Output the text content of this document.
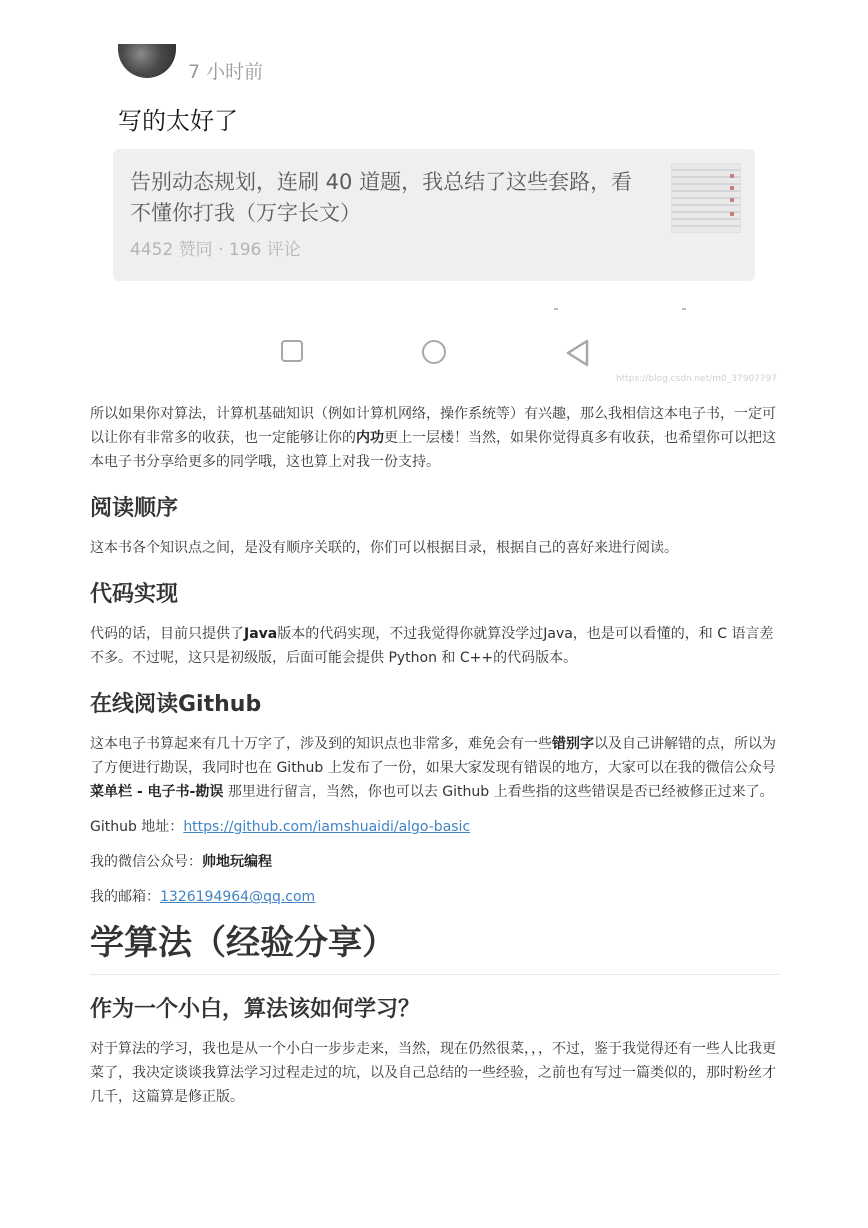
7 小时前
写的太好了
告别动态规划，连刷 40 道题，我总结了这些套路，看不懂你打我（万字长文）
4452 赞同 · 196 评论
https://blog.csdn.net/m0_37907797

所以如果你对算法，计算机基础知识（例如计算机网络，操作系统等）有兴趣，那么我相信这本电子书，一定可以让你有非常多的收获，也一定能够让你的内功更上一层楼！当然，如果你觉得真多有收获，也希望你可以把这本电子书分享给更多的同学哦，这也算上对我一份支持。

阅读顺序

这本书各个知识点之间，是没有顺序关联的，你们可以根据目录，根据自己的喜好来进行阅读。

代码实现

代码的话，目前只提供了Java版本的代码实现，不过我觉得你就算没学过Java，也是可以看懂的，和 C 语言差不多。不过呢，这只是初级版，后面可能会提供 Python 和 C++的代码版本。

在线阅读Github

这本电子书算起来有几十万字了，涉及到的知识点也非常多，难免会有一些错别字以及自己讲解错的点，所以为了方便进行勘误，我同时也在 Github 上发布了一份，如果大家发现有错误的地方，大家可以在我的微信公众号菜单栏 - 电子书-勘误 那里进行留言，当然，你也可以去 Github 上看些指的这些错误是否已经被修正过来了。

Github 地址：https://github.com/iamshuaidi/algo-basic

我的微信公众号：帅地玩编程

我的邮箱：1326194964@qq.com

学算法（经验分享）
作为一个小白，算法该如何学习？

对于算法的学习，我也是从一个小白一步步走来，当然，现在仍然很菜，，，不过，鉴于我觉得还有一些人比我更菜了，我决定谈谈我算法学习过程走过的坑，以及自己总结的一些经验，之前也有写过一篇类似的，那时粉丝才几千，这篇算是修正版。
